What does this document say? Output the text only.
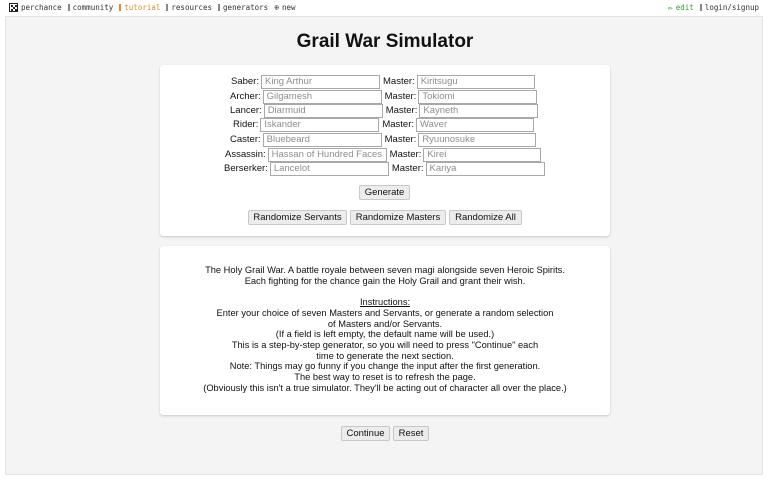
perchance community tutorial resources generators ⊕ new	✏ edit login/signup
Grail War Simulator
Saber:
King Arthur	Master:
Kiritsugu
Archer:
Gilgamesh	Master:
Tokiomi
Lancer:
Diarmuid	Master:
Kayneth
Rider:
Iskander	Master:
Waver
Caster:
Bluebeard	Master:
Ryuunosuke
Assassin:
Hassan of Hundred Faces	Master:
Kirei
Berserker:
Lancelot	Master:
Kariya
Generate
Randomize Servants	Randomize Masters	Randomize All

The Holy Grail War. A battle royale between seven magi alongside seven Heroic Spirits.

Each fighting for the chance gain the Holy Grail and grant their wish.

Instructions:

Enter your choice of seven Masters and Servants, or generate a random selection

of Masters and/or Servants.

(If a field is left empty, the default name will be used.)

This is a step-by-step generator, so you will need to press "Continue" each

time to generate the next section.

Note: Things may go funny if you change the input after the first generation.

The best way to reset is to refresh the page.

(Obviously this isn't a true simulator. They'll be acting out of character all over the place.)

Continue	Reset
